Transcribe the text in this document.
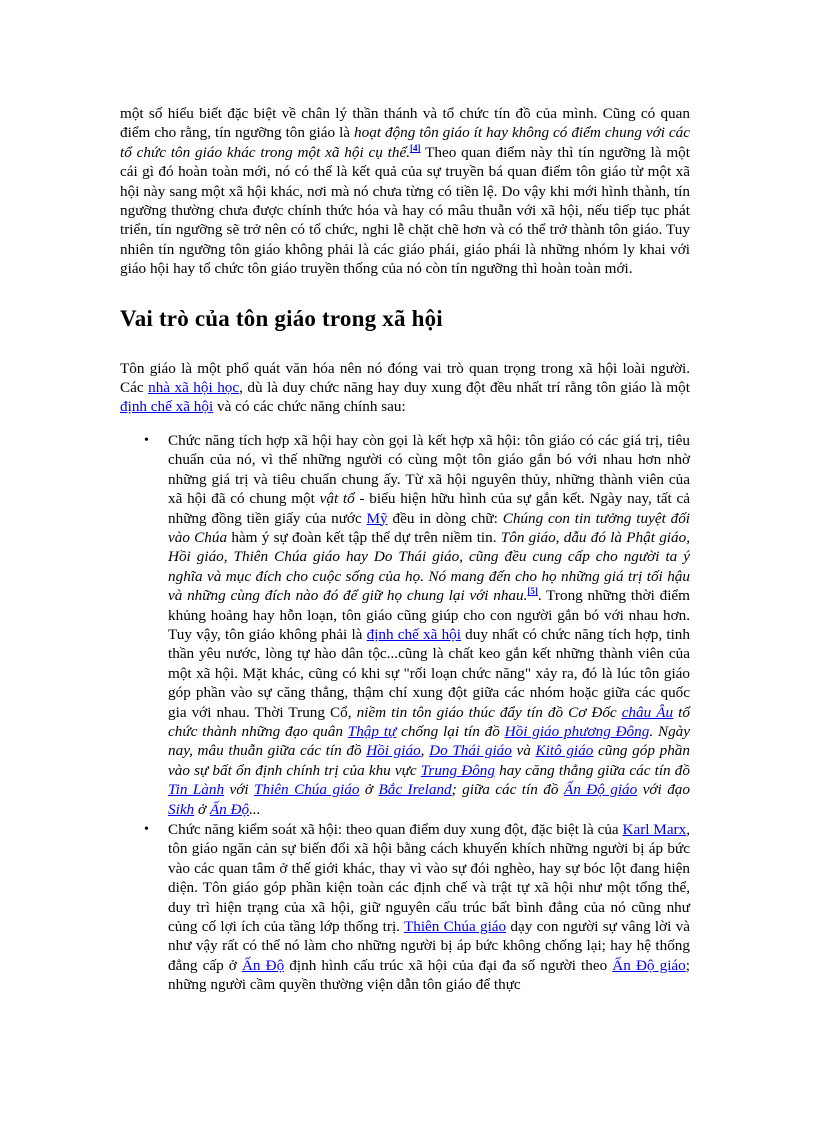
một số hiểu biết đặc biệt về chân lý thần thánh và tổ chức tín đồ của mình. Cũng có quan điểm cho rằng, tín ngưỡng tôn giáo là hoạt động tôn giáo ít hay không có điểm chung với các tổ chức tôn giáo khác trong một xã hội cụ thể.[4] Theo quan điểm này thì tín ngưỡng là một cái gì đó hoàn toàn mới, nó có thể là kết quả của sự truyền bá quan điểm tôn giáo từ một xã hội này sang một xã hội khác, nơi mà nó chưa từng có tiền lệ. Do vậy khi mới hình thành, tín ngưỡng thường chưa được chính thức hóa và hay có mâu thuẫn với xã hội, nếu tiếp tục phát triển, tín ngưỡng sẽ trở nên có tổ chức, nghi lễ chặt chẽ hơn và có thể trở thành tôn giáo. Tuy nhiên tín ngưỡng tôn giáo không phải là các giáo phái, giáo phái là những nhóm ly khai với giáo hội hay tổ chức tôn giáo truyền thống của nó còn tín ngưỡng thì hoàn toàn mới.

Vai trò của tôn giáo trong xã hội

Tôn giáo là một phổ quát văn hóa nên nó đóng vai trò quan trọng trong xã hội loài người. Các nhà xã hội học, dù là duy chức năng hay duy xung đột đều nhất trí rằng tôn giáo là một định chế xã hội và có các chức năng chính sau:

• Chức năng tích hợp xã hội hay còn gọi là kết hợp xã hội: tôn giáo có các giá trị, tiêu chuẩn của nó, vì thế những người có cùng một tôn giáo gắn bó với nhau hơn nhờ những giá trị và tiêu chuẩn chung ấy. Từ xã hội nguyên thủy, những thành viên của xã hội đã có chung một vật tổ - biểu hiện hữu hình của sự gắn kết. Ngày nay, tất cả những đồng tiền giấy của nước Mỹ đều in dòng chữ: Chúng con tin tưởng tuyệt đối vào Chúa hàm ý sự đoàn kết tập thể dự trên niềm tin. Tôn giáo, dẫu đó là Phật giáo, Hồi giáo, Thiên Chúa giáo hay Do Thái giáo, cũng đều cung cấp cho người ta ý nghĩa và mục đích cho cuộc sống của họ. Nó mang đến cho họ những giá trị tối hậu và những cùng đích nào đó để giữ họ chung lại với nhau.[5]. Trong những thời điểm khủng hoảng hay hỗn loạn, tôn giáo cũng giúp cho con người gắn bó với nhau hơn. Tuy vậy, tôn giáo không phải là định chế xã hội duy nhất có chức năng tích hợp, tinh thần yêu nước, lòng tự hào dân tộc...cũng là chất keo gắn kết những thành viên của một xã hội. Mặt khác, cũng có khi sự "rối loạn chức năng" xảy ra, đó là lúc tôn giáo góp phần vào sự căng thẳng, thậm chí xung đột giữa các nhóm hoặc giữa các quốc gia với nhau. Thời Trung Cổ, niềm tin tôn giáo thúc đẩy tín đồ Cơ Đốc châu Âu tổ chức thành những đạo quân Thập tự chống lại tín đồ Hồi giáo phương Đông. Ngày nay, mâu thuẫn giữa các tín đồ Hồi giáo, Do Thái giáo và Kitô giáo cũng góp phần vào sự bất ổn định chính trị của khu vực Trung Đông hay căng thẳng giữa các tín đồ Tin Lành với Thiên Chúa giáo ở Bắc Ireland; giữa các tín đồ Ấn Độ giáo với đạo Sikh ở Ấn Độ...
• Chức năng kiểm soát xã hội: theo quan điểm duy xung đột, đặc biệt là của Karl Marx, tôn giáo ngăn cản sự biến đổi xã hội bằng cách khuyến khích những người bị áp bức vào các quan tâm ở thế giới khác, thay vì vào sự đói nghèo, hay sự bóc lột đang hiện diện. Tôn giáo góp phần kiện toàn các định chế và trật tự xã hội như một tổng thể, duy trì hiện trạng của xã hội, giữ nguyên cấu trúc bất bình đẳng của nó cũng như củng cố lợi ích của tầng lớp thống trị. Thiên Chúa giáo dạy con người sự vâng lời và như vậy rất có thể nó làm cho những người bị áp bức không chống lại; hay hệ thống đẳng cấp ở Ấn Độ định hình cấu trúc xã hội của đại đa số người theo Ấn Độ giáo; những người cầm quyền thường viện dẫn tôn giáo để thực
